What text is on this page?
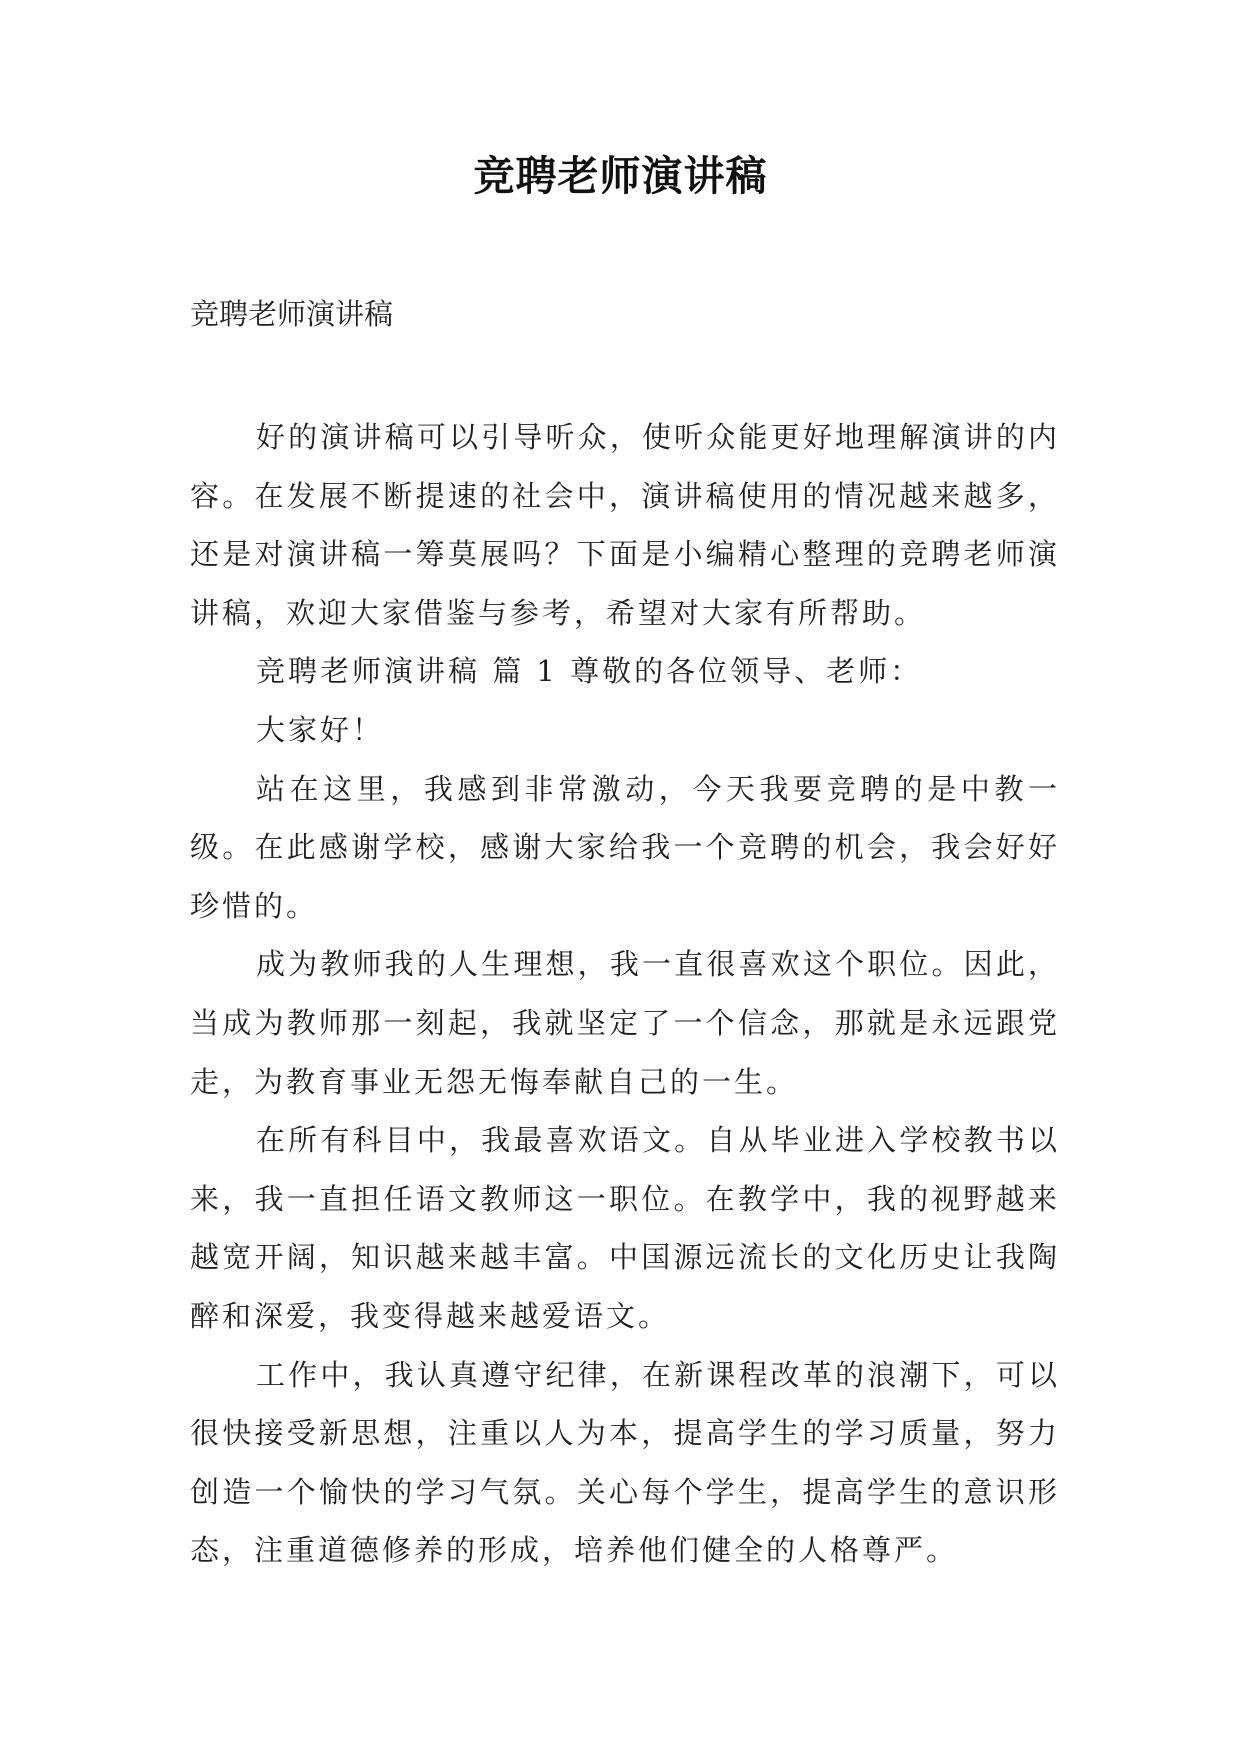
竞聘老师演讲稿

竞聘老师演讲稿

好的演讲稿可以引导听众，使听众能更好地理解演讲的内容。在发展不断提速的社会中，演讲稿使用的情况越来越多，还是对演讲稿一筹莫展吗？下面是小编精心整理的竞聘老师演讲稿，欢迎大家借鉴与参考，希望对大家有所帮助。

竞聘老师演讲稿 篇 1 尊敬的各位领导、老师：

大家好！

站在这里，我感到非常激动，今天我要竞聘的是中教一级。在此感谢学校，感谢大家给我一个竞聘的机会，我会好好珍惜的。

成为教师我的人生理想，我一直很喜欢这个职位。因此，当成为教师那一刻起，我就坚定了一个信念，那就是永远跟党走，为教育事业无怨无悔奉献自己的一生。

在所有科目中，我最喜欢语文。自从毕业进入学校教书以来，我一直担任语文教师这一职位。在教学中，我的视野越来越宽开阔，知识越来越丰富。中国源远流长的文化历史让我陶醉和深爱，我变得越来越爱语文。

工作中，我认真遵守纪律，在新课程改革的浪潮下，可以很快接受新思想，注重以人为本，提高学生的学习质量，努力创造一个愉快的学习气氛。关心每个学生，提高学生的意识形态，注重道德修养的形成，培养他们健全的人格尊严。
